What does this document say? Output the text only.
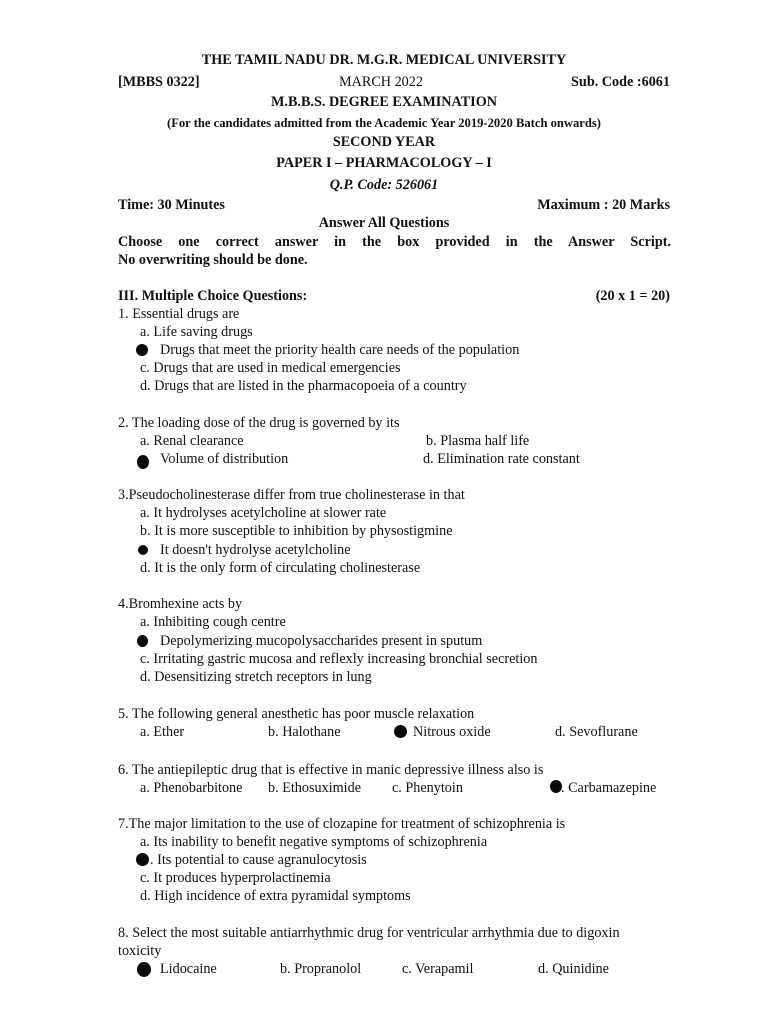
THE TAMIL NADU DR. M.G.R. MEDICAL UNIVERSITY
[MBBS 0322]	MARCH 2022	Sub. Code :6061
M.B.B.S. DEGREE EXAMINATION
(For the candidates admitted from the Academic Year 2019-2020 Batch onwards)
SECOND YEAR
PAPER I – PHARMACOLOGY – I
Q.P. Code: 526061
Time: 30 Minutes	Maximum : 20 Marks
Answer All Questions
Choose one correct answer in the box provided in the Answer Script.
No overwriting should be done.
III. Multiple Choice Questions:	(20 x 1 = 20)
1. Essential drugs are
a. Life saving drugs
Drugs that meet the priority health care needs of the population
c. Drugs that are used in medical emergencies
d. Drugs that are listed in the pharmacopoeia of a country
2. The loading dose of the drug is governed by its
a. Renal clearance	b. Plasma half life
Volume of distribution	d. Elimination rate constant
3.Pseudocholinesterase differ from true cholinesterase in that
a. It hydrolyses acetylcholine at slower rate
b. It is more susceptible to inhibition by physostigmine
It doesn't hydrolyse acetylcholine
d. It is the only form of circulating cholinesterase
4.Bromhexine acts by
a. Inhibiting cough centre
Depolymerizing mucopolysaccharides present in sputum
c. Irritating gastric mucosa and reflexly increasing bronchial secretion
d. Desensitizing stretch receptors in lung
5. The following general anesthetic has poor muscle relaxation
a. Ether	b. Halothane	Nitrous oxide	d. Sevoflurane
6. The antiepileptic drug that is effective in manic depressive illness also is
a. Phenobarbitone b. Ethosuximide c. Phenytoin	. Carbamazepine
7.The major limitation to the use of clozapine for treatment of schizophrenia is
a. Its inability to benefit negative symptoms of schizophrenia
. Its potential to cause agranulocytosis
c. It produces hyperprolactinemia
d. High incidence of extra pyramidal symptoms
8. Select the most suitable antiarrhythmic drug for ventricular arrhythmia due to digoxin
toxicity
Lidocaine	b. Propranolol	c. Verapamil	d. Quinidine
